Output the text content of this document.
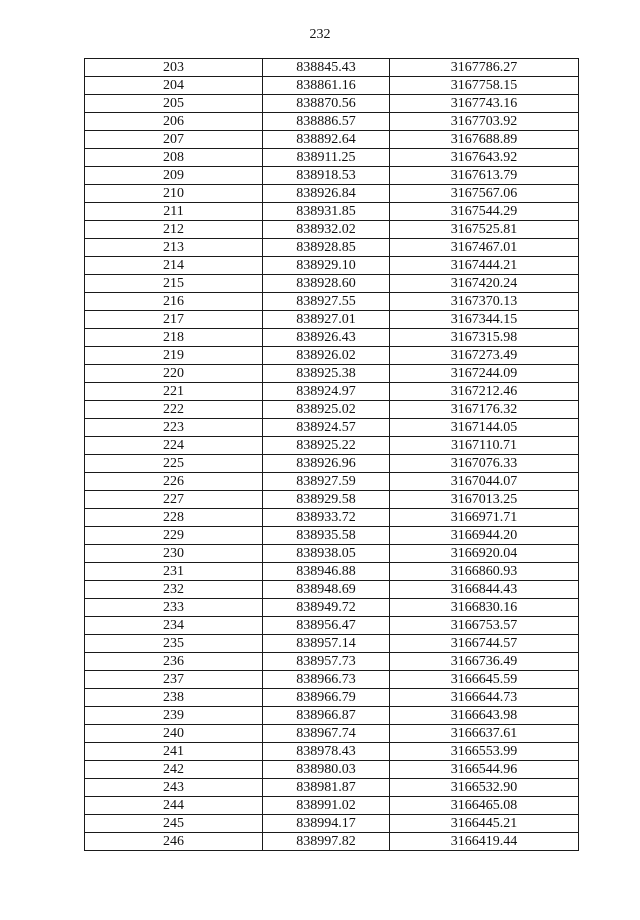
232
203	838845.43	3167786.27
204	838861.16	3167758.15
205	838870.56	3167743.16
206	838886.57	3167703.92
207	838892.64	3167688.89
208	838911.25	3167643.92
209	838918.53	3167613.79
210	838926.84	3167567.06
211	838931.85	3167544.29
212	838932.02	3167525.81
213	838928.85	3167467.01
214	838929.10	3167444.21
215	838928.60	3167420.24
216	838927.55	3167370.13
217	838927.01	3167344.15
218	838926.43	3167315.98
219	838926.02	3167273.49
220	838925.38	3167244.09
221	838924.97	3167212.46
222	838925.02	3167176.32
223	838924.57	3167144.05
224	838925.22	3167110.71
225	838926.96	3167076.33
226	838927.59	3167044.07
227	838929.58	3167013.25
228	838933.72	3166971.71
229	838935.58	3166944.20
230	838938.05	3166920.04
231	838946.88	3166860.93
232	838948.69	3166844.43
233	838949.72	3166830.16
234	838956.47	3166753.57
235	838957.14	3166744.57
236	838957.73	3166736.49
237	838966.73	3166645.59
238	838966.79	3166644.73
239	838966.87	3166643.98
240	838967.74	3166637.61
241	838978.43	3166553.99
242	838980.03	3166544.96
243	838981.87	3166532.90
244	838991.02	3166465.08
245	838994.17	3166445.21
246	838997.82	3166419.44
